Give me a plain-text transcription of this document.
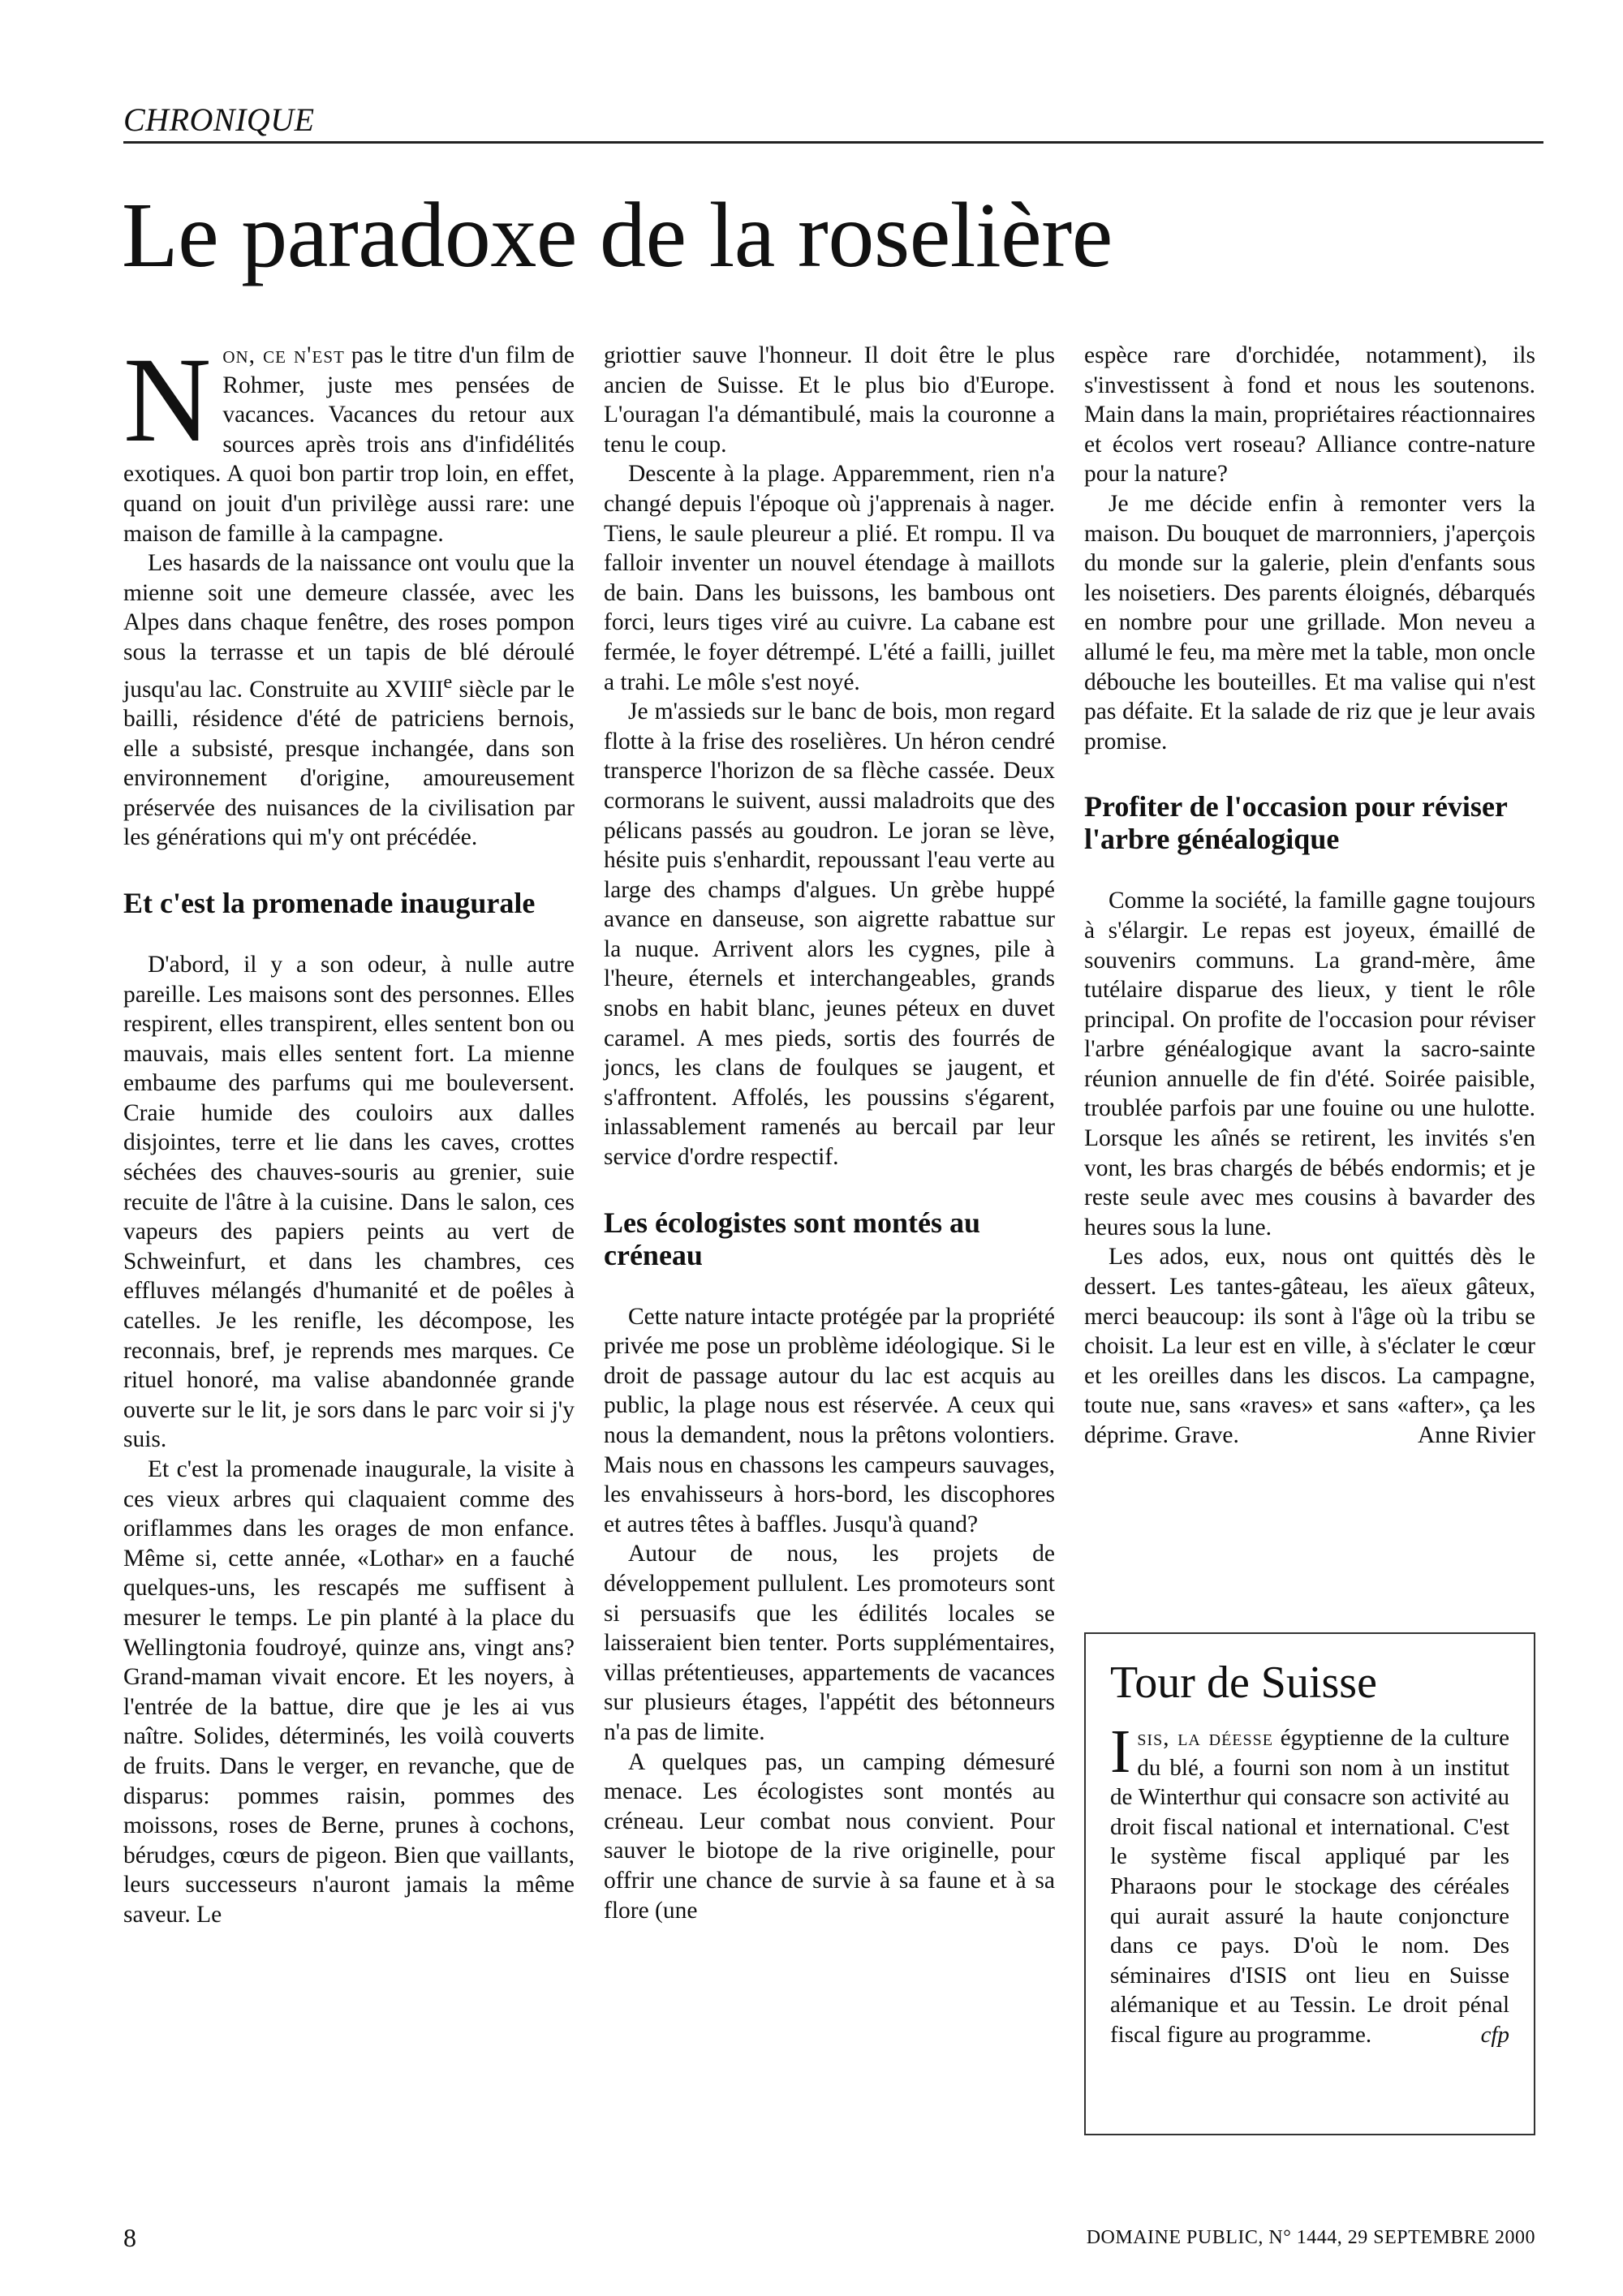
CHRONIQUE
Le paradoxe de la roselière

Non, ce n'est pas le titre d'un film de Rohmer, juste mes pensées de vacances. Vacances du retour aux sources après trois ans d'infidélités exotiques. A quoi bon partir trop loin, en effet, quand on jouit d'un privilège aussi rare: une maison de famille à la campagne.

Les hasards de la naissance ont voulu que la mienne soit une demeure classée, avec les Alpes dans chaque fenêtre, des roses pompon sous la terrasse et un tapis de blé déroulé jusqu'au lac. Construite au XVIIIe siècle par le bailli, résidence d'été de patriciens bernois, elle a subsisté, presque inchangée, dans son environnement d'origine, amoureusement préservée des nuisances de la civilisation par les générations qui m'y ont précédée.

Et c'est la promenade inaugurale

D'abord, il y a son odeur, à nulle autre pareille. Les maisons sont des personnes. Elles respirent, elles transpirent, elles sentent bon ou mauvais, mais elles sentent fort. La mienne embaume des parfums qui me bouleversent. Craie humide des couloirs aux dalles disjointes, terre et lie dans les caves, crottes séchées des chauves-souris au grenier, suie recuite de l'âtre à la cuisine. Dans le salon, ces vapeurs des papiers peints au vert de Schweinfurt, et dans les chambres, ces effluves mélangés d'humanité et de poêles à catelles. Je les renifle, les décompose, les reconnais, bref, je reprends mes marques. Ce rituel honoré, ma valise abandonnée grande ouverte sur le lit, je sors dans le parc voir si j'y suis.

Et c'est la promenade inaugurale, la visite à ces vieux arbres qui claquaient comme des oriflammes dans les orages de mon enfance. Même si, cette année, «Lothar» en a fauché quelques-uns, les rescapés me suffisent à mesurer le temps. Le pin planté à la place du Wellingtonia foudroyé, quinze ans, vingt ans? Grand-maman vivait encore. Et les noyers, à l'entrée de la battue, dire que je les ai vus naître. Solides, déterminés, les voilà couverts de fruits. Dans le verger, en revanche, que de disparus: pommes raisin, pommes des moissons, roses de Berne, prunes à cochons, bérudges, cœurs de pigeon. Bien que vaillants, leurs successeurs n'auront jamais la même saveur. Le

griottier sauve l'honneur. Il doit être le plus ancien de Suisse. Et le plus bio d'Europe. L'ouragan l'a démantibulé, mais la couronne a tenu le coup.

Descente à la plage. Apparemment, rien n'a changé depuis l'époque où j'apprenais à nager. Tiens, le saule pleureur a plié. Et rompu. Il va falloir inventer un nouvel étendage à maillots de bain. Dans les buissons, les bambous ont forci, leurs tiges viré au cuivre. La cabane est fermée, le foyer détrempé. L'été a failli, juillet a trahi. Le môle s'est noyé.

Je m'assieds sur le banc de bois, mon regard flotte à la frise des roselières. Un héron cendré transperce l'horizon de sa flèche cassée. Deux cormorans le suivent, aussi maladroits que des pélicans passés au goudron. Le joran se lève, hésite puis s'enhardit, repoussant l'eau verte au large des champs d'algues. Un grèbe huppé avance en danseuse, son aigrette rabattue sur la nuque. Arrivent alors les cygnes, pile à l'heure, éternels et interchangeables, grands snobs en habit blanc, jeunes péteux en duvet caramel. A mes pieds, sortis des fourrés de joncs, les clans de foulques se jaugent, et s'affrontent. Affolés, les poussins s'égarent, inlassablement ramenés au bercail par leur service d'ordre respectif.

Les écologistes sont montés au créneau

Cette nature intacte protégée par la propriété privée me pose un problème idéologique. Si le droit de passage autour du lac est acquis au public, la plage nous est réservée. A ceux qui nous la demandent, nous la prêtons volontiers. Mais nous en chassons les campeurs sauvages, les envahisseurs à hors-bord, les discophores et autres têtes à baffles. Jusqu'à quand?

Autour de nous, les projets de développement pullulent. Les promoteurs sont si persuasifs que les édilités locales se laisseraient bien tenter. Ports supplémentaires, villas prétentieuses, appartements de vacances sur plusieurs étages, l'appétit des bétonneurs n'a pas de limite.

A quelques pas, un camping démesuré menace. Les écologistes sont montés au créneau. Leur combat nous convient. Pour sauver le biotope de la rive originelle, pour offrir une chance de survie à sa faune et à sa flore (une

espèce rare d'orchidée, notamment), ils s'investissent à fond et nous les soutenons. Main dans la main, propriétaires réactionnaires et écolos vert roseau? Alliance contre-nature pour la nature?

Je me décide enfin à remonter vers la maison. Du bouquet de marronniers, j'aperçois du monde sur la galerie, plein d'enfants sous les noisetiers. Des parents éloignés, débarqués en nombre pour une grillade. Mon neveu a allumé le feu, ma mère met la table, mon oncle débouche les bouteilles. Et ma valise qui n'est pas défaite. Et la salade de riz que je leur avais promise.

Profiter de l'occasion pour réviser l'arbre généalogique

Comme la société, la famille gagne toujours à s'élargir. Le repas est joyeux, émaillé de souvenirs communs. La grand-mère, âme tutélaire disparue des lieux, y tient le rôle principal. On profite de l'occasion pour réviser l'arbre généalogique avant la sacro-sainte réunion annuelle de fin d'été. Soirée paisible, troublée parfois par une fouine ou une hulotte. Lorsque les aînés se retirent, les invités s'en vont, les bras chargés de bébés endormis; et je reste seule avec mes cousins à bavarder des heures sous la lune.

Les ados, eux, nous ont quittés dès le dessert. Les tantes-gâteau, les aïeux gâteux, merci beaucoup: ils sont à l'âge où la tribu se choisit. La leur est en ville, à s'éclater le cœur et les oreilles dans les discos. La campagne, toute nue, sans «raves» et sans «after», ça les déprime. Grave.	Anne Rivier

Tour de Suisse

Isis, la déesse égyptienne de la culture du blé, a fourni son nom à un institut de Winterthur qui consacre son activité au droit fiscal national et international. C'est le système fiscal appliqué par les Pharaons pour le stockage des céréales qui aurait assuré la haute conjoncture dans ce pays. D'où le nom. Des séminaires d'ISIS ont lieu en Suisse alémanique et au Tessin. Le droit pénal fiscal figure au programme.	cfp

8	DOMAINE PUBLIC, N° 1444, 29 SEPTEMBRE 2000
